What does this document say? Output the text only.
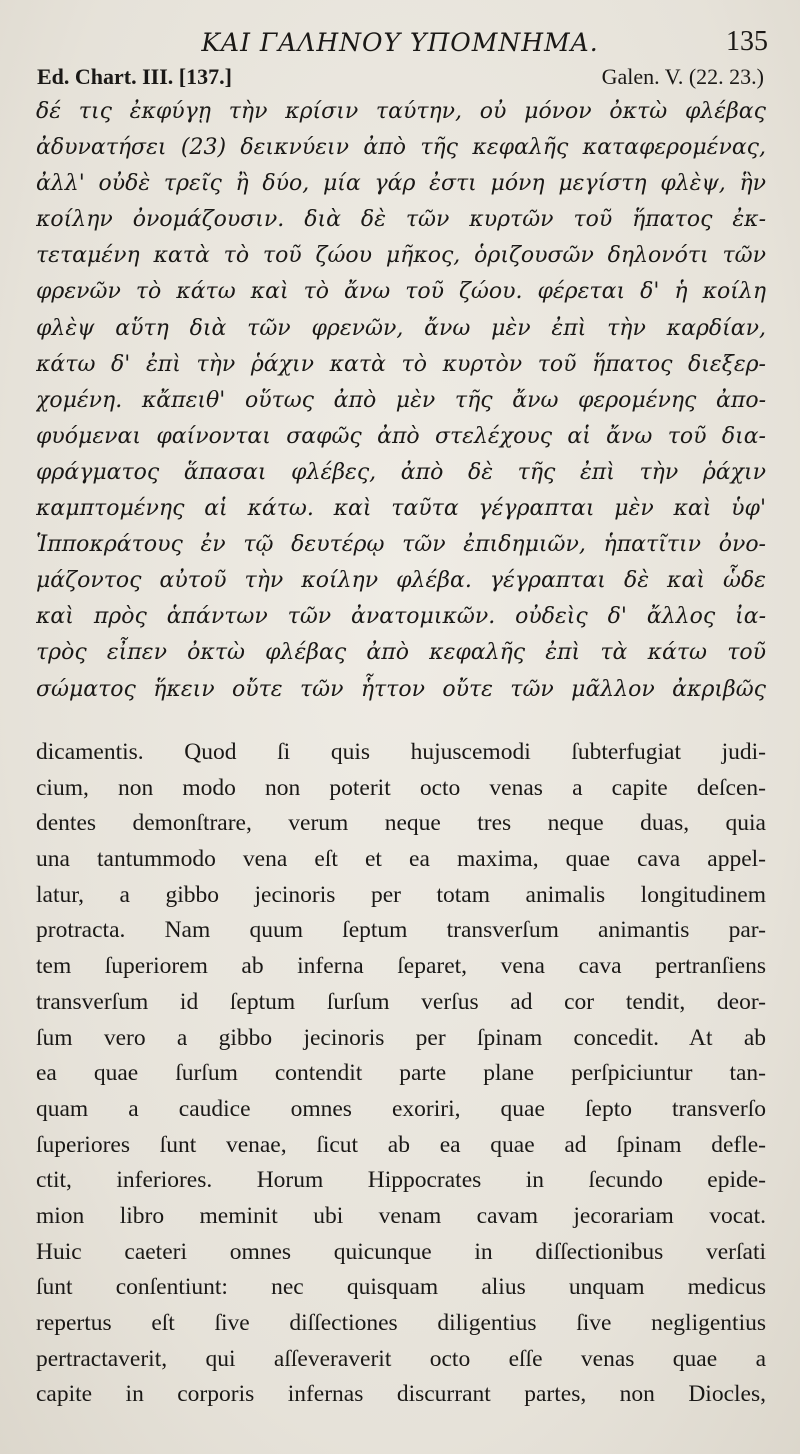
ΚΑΙ ΓΑΛΗΝΟΥ ΥΠΟΜΝΗΜΑ.	135
Ed. Chart. III. [137.]	Galen. V. (22. 23.)
δέ τις ἐκφύγῃ τὴν κρίσιν ταύτην, οὐ μόνον ὀκτὼ φλέβας
ἀδυνατήσει (23) δεικνύειν ἀπὸ τῆς κεφαλῆς καταφερομένας,
ἀλλ' οὐδὲ τρεῖς ἢ δύο, μία γάρ ἐστι μόνη μεγίστη φλὲψ, ἣν
κοίλην ὀνομάζουσιν. διὰ δὲ τῶν κυρτῶν τοῦ ἥπατος ἐκ-
τεταμένη κατὰ τὸ τοῦ ζώου μῆκος, ὁριζουσῶν δηλονότι τῶν
φρενῶν τὸ κάτω καὶ τὸ ἄνω τοῦ ζώου. φέρεται δ' ἡ κοίλη
φλὲψ αὕτη διὰ τῶν φρενῶν, ἄνω μὲν ἐπὶ τὴν καρδίαν,
κάτω δ' ἐπὶ τὴν ῥάχιν κατὰ τὸ κυρτὸν τοῦ ἥπατος διεξερ-
χομένη. κἄπειθ' οὕτως ἀπὸ μὲν τῆς ἄνω φερομένης ἀπο-
φυόμεναι φαίνονται σαφῶς ἀπὸ στελέχους αἱ ἄνω τοῦ δια-
φράγματος ἅπασαι φλέβες, ἀπὸ δὲ τῆς ἐπὶ τὴν ῥάχιν
καμπτομένης αἱ κάτω. καὶ ταῦτα γέγραπται μὲν καὶ ὑφ'
Ἱπποκράτους ἐν τῷ δευτέρῳ τῶν ἐπιδημιῶν, ἡπατῖτιν ὀνο-
μάζοντος αὐτοῦ τὴν κοίλην φλέβα. γέγραπται δὲ καὶ ὧδε
καὶ πρὸς ἁπάντων τῶν ἀνατομικῶν. οὐδεὶς δ' ἄλλος ἰα-
τρὸς εἶπεν ὀκτὼ φλέβας ἀπὸ κεφαλῆς ἐπὶ τὰ κάτω τοῦ
σώματος ἥκειν οὔτε τῶν ἧττον οὔτε τῶν μᾶλλον ἀκριβῶς
dicamentis. Quod ſi quis hujuscemodi ſubterfugiat judi-
cium, non modo non poterit octo venas a capite deſcen-
dentes demonſtrare, verum neque tres neque duas, quia
una tantummodo vena eſt et ea maxima, quae cava appel-
latur, a gibbo jecinoris per totam animalis longitudinem
protracta. Nam quum ſeptum transverſum animantis par-
tem ſuperiorem ab inferna ſeparet, vena cava pertranſiens
transverſum id ſeptum ſurſum verſus ad cor tendit, deor-
ſum vero a gibbo jecinoris per ſpinam concedit. At ab
ea quae ſurſum contendit parte plane perſpiciuntur tan-
quam a caudice omnes exoriri, quae ſepto transverſo
ſuperiores ſunt venae, ſicut ab ea quae ad ſpinam defle-
ctit, inferiores. Horum Hippocrates in ſecundo epide-
mion libro meminit ubi venam cavam jecorariam vocat.
Huic caeteri omnes quicunque in diſſectionibus verſati
ſunt conſentiunt: nec quisquam alius unquam medicus
repertus eſt ſive diſſectiones diligentius ſive negligentius
pertractaverit, qui aſſeveraverit octo eſſe venas quae a
capite in corporis infernas discurrant partes, non Diocles,
